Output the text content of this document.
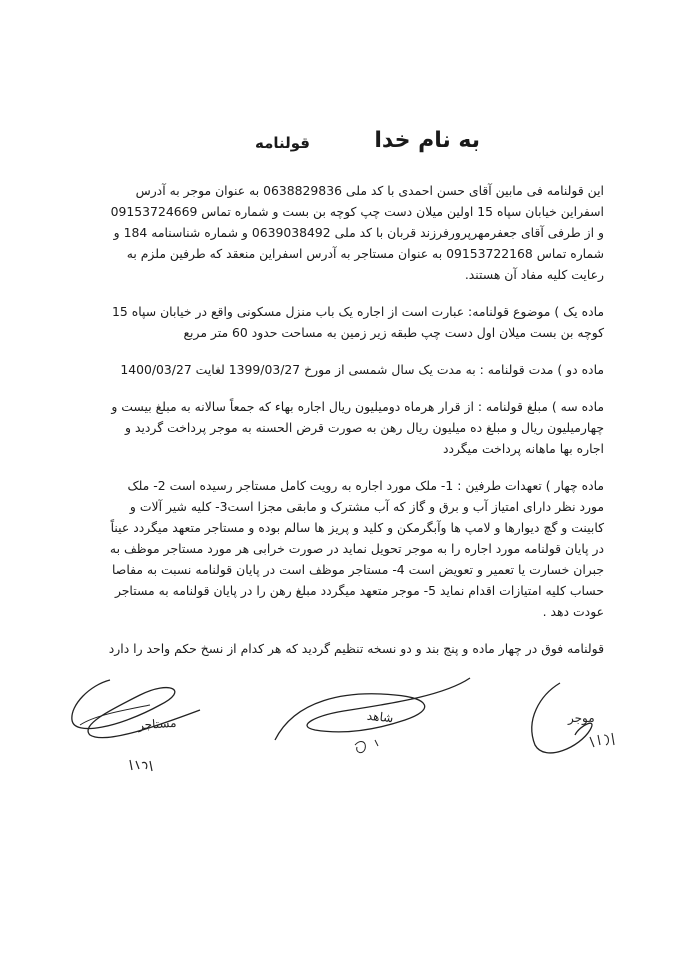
به نام خدا
قولنامه

این قولنامه فی مابین آقای حسن احمدی با کد ملی 0638829836 به عنوان موجر به آدرس اسفراین خیابان سپاه 15 اولین میلان دست چپ کوچه بن بست و شماره تماس 09153724669 و از طرفی آقای جعفرمهرپرورفرزند قربان با کد ملی 0639038492 و شماره شناسنامه 184 و شماره تماس 09153722168 به عنوان مستاجر به آدرس اسفراین منعقد که طرفین ملزم به رعایت کلیه مفاد آن هستند.

ماده یک ) موضوع قولنامه: عبارت است از اجاره یک باب منزل مسکونی واقع در خیابان سپاه 15 کوچه بن بست میلان اول دست چپ طبقه زیر زمین به مساحت حدود 60 متر مربع

ماده دو ) مدت قولنامه : به مدت یک سال شمسی از مورخ 1399/03/27 لغایت 1400/03/27

ماده سه ) مبلغ قولنامه : از قرار هرماه دومیلیون ریال اجاره بهاء که جمعاً سالانه به مبلغ بیست و چهارمیلیون ریال و مبلغ ده میلیون ریال رهن به صورت قرض الحسنه به موجر پرداخت گردید و اجاره بها ماهانه پرداخت میگردد

ماده چهار ) تعهدات طرفین : 1- ملک مورد اجاره به رویت کامل مستاجر رسیده است 2- ملک مورد نظر دارای امتیاز آب و برق و گاز که آب مشترک و مابقی مجزا است3- کلیه شیر آلات و کابینت و گچ دیوارها و لامپ ها وآبگرمکن و کلید و پریز ها سالم بوده و مستاجر متعهد میگردد عیناً در پایان قولنامه مورد اجاره را به موجر تحویل نماید در صورت خرابی هر مورد مستاجر موظف به جبران خسارت یا تعمیر و تعویض است 4- مستاجر موظف است در پایان قولنامه نسبت به مفاصا حساب کلیه امتیازات اقدام نماید 5- موجر متعهد میگردد مبلغ رهن را در پایان قولنامه به مستاجر عودت دهد .

قولنامه فوق در چهار ماده و پنج بند و دو نسخه تنظیم گردید که هر کدام از نسخ حکم واحد را دارد

مستاجر	شاهد	موجر
